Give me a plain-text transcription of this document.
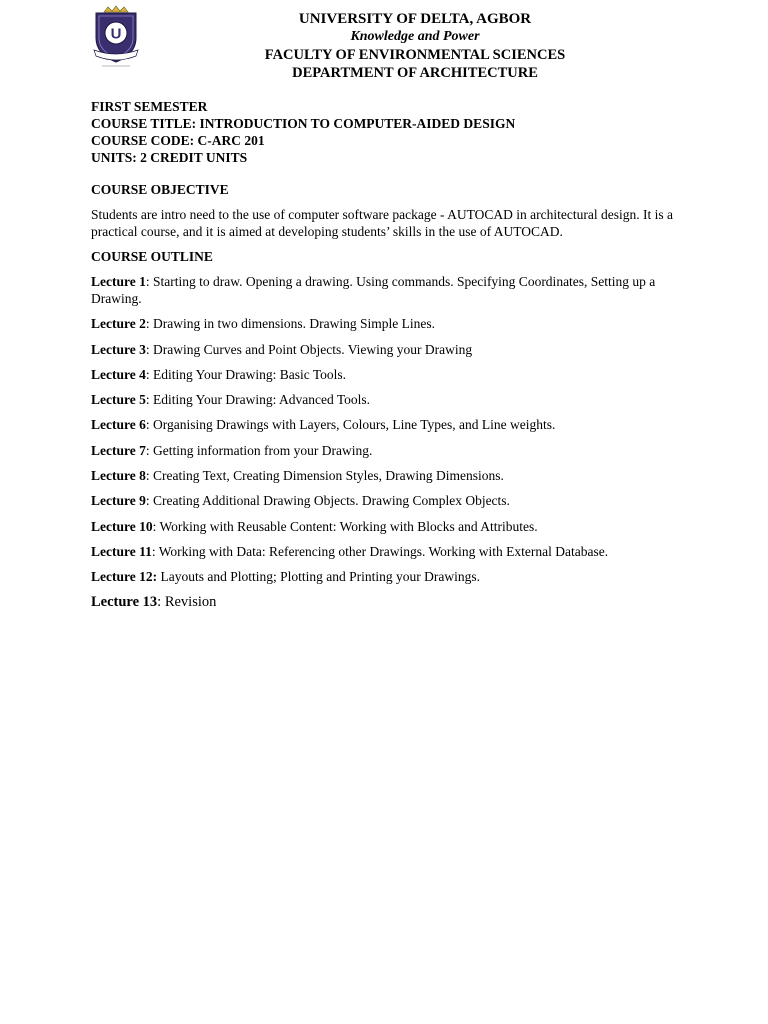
U
UNIVERSITY OF DELTA, AGBOR
Knowledge and Power
FACULTY OF ENVIRONMENTAL SCIENCES
DEPARTMENT OF ARCHITECTURE
FIRST SEMESTER
COURSE TITLE: INTRODUCTION TO COMPUTER-AIDED DESIGN
COURSE CODE: C-ARC 201
UNITS: 2 CREDIT UNITS
COURSE OBJECTIVE
Students are intro need to the use of computer software package - AUTOCAD in architectural design. It is a practical course, and it is aimed at developing students’ skills in the use of AUTOCAD.
COURSE OUTLINE
Lecture 1: Starting to draw. Opening a drawing. Using commands. Specifying Coordinates, Setting up a Drawing.
Lecture 2: Drawing in two dimensions. Drawing Simple Lines.
Lecture 3: Drawing Curves and Point Objects. Viewing your Drawing
Lecture 4: Editing Your Drawing: Basic Tools.
Lecture 5: Editing Your Drawing: Advanced Tools.
Lecture 6: Organising Drawings with Layers, Colours, Line Types, and Line weights.
Lecture 7: Getting information from your Drawing.
Lecture 8: Creating Text, Creating Dimension Styles, Drawing Dimensions.
Lecture 9: Creating Additional Drawing Objects. Drawing Complex Objects.
Lecture 10: Working with Reusable Content: Working with Blocks and Attributes.
Lecture 11: Working with Data: Referencing other Drawings. Working with External Database.
Lecture 12: Layouts and Plotting; Plotting and Printing your Drawings.
Lecture 13: Revision
